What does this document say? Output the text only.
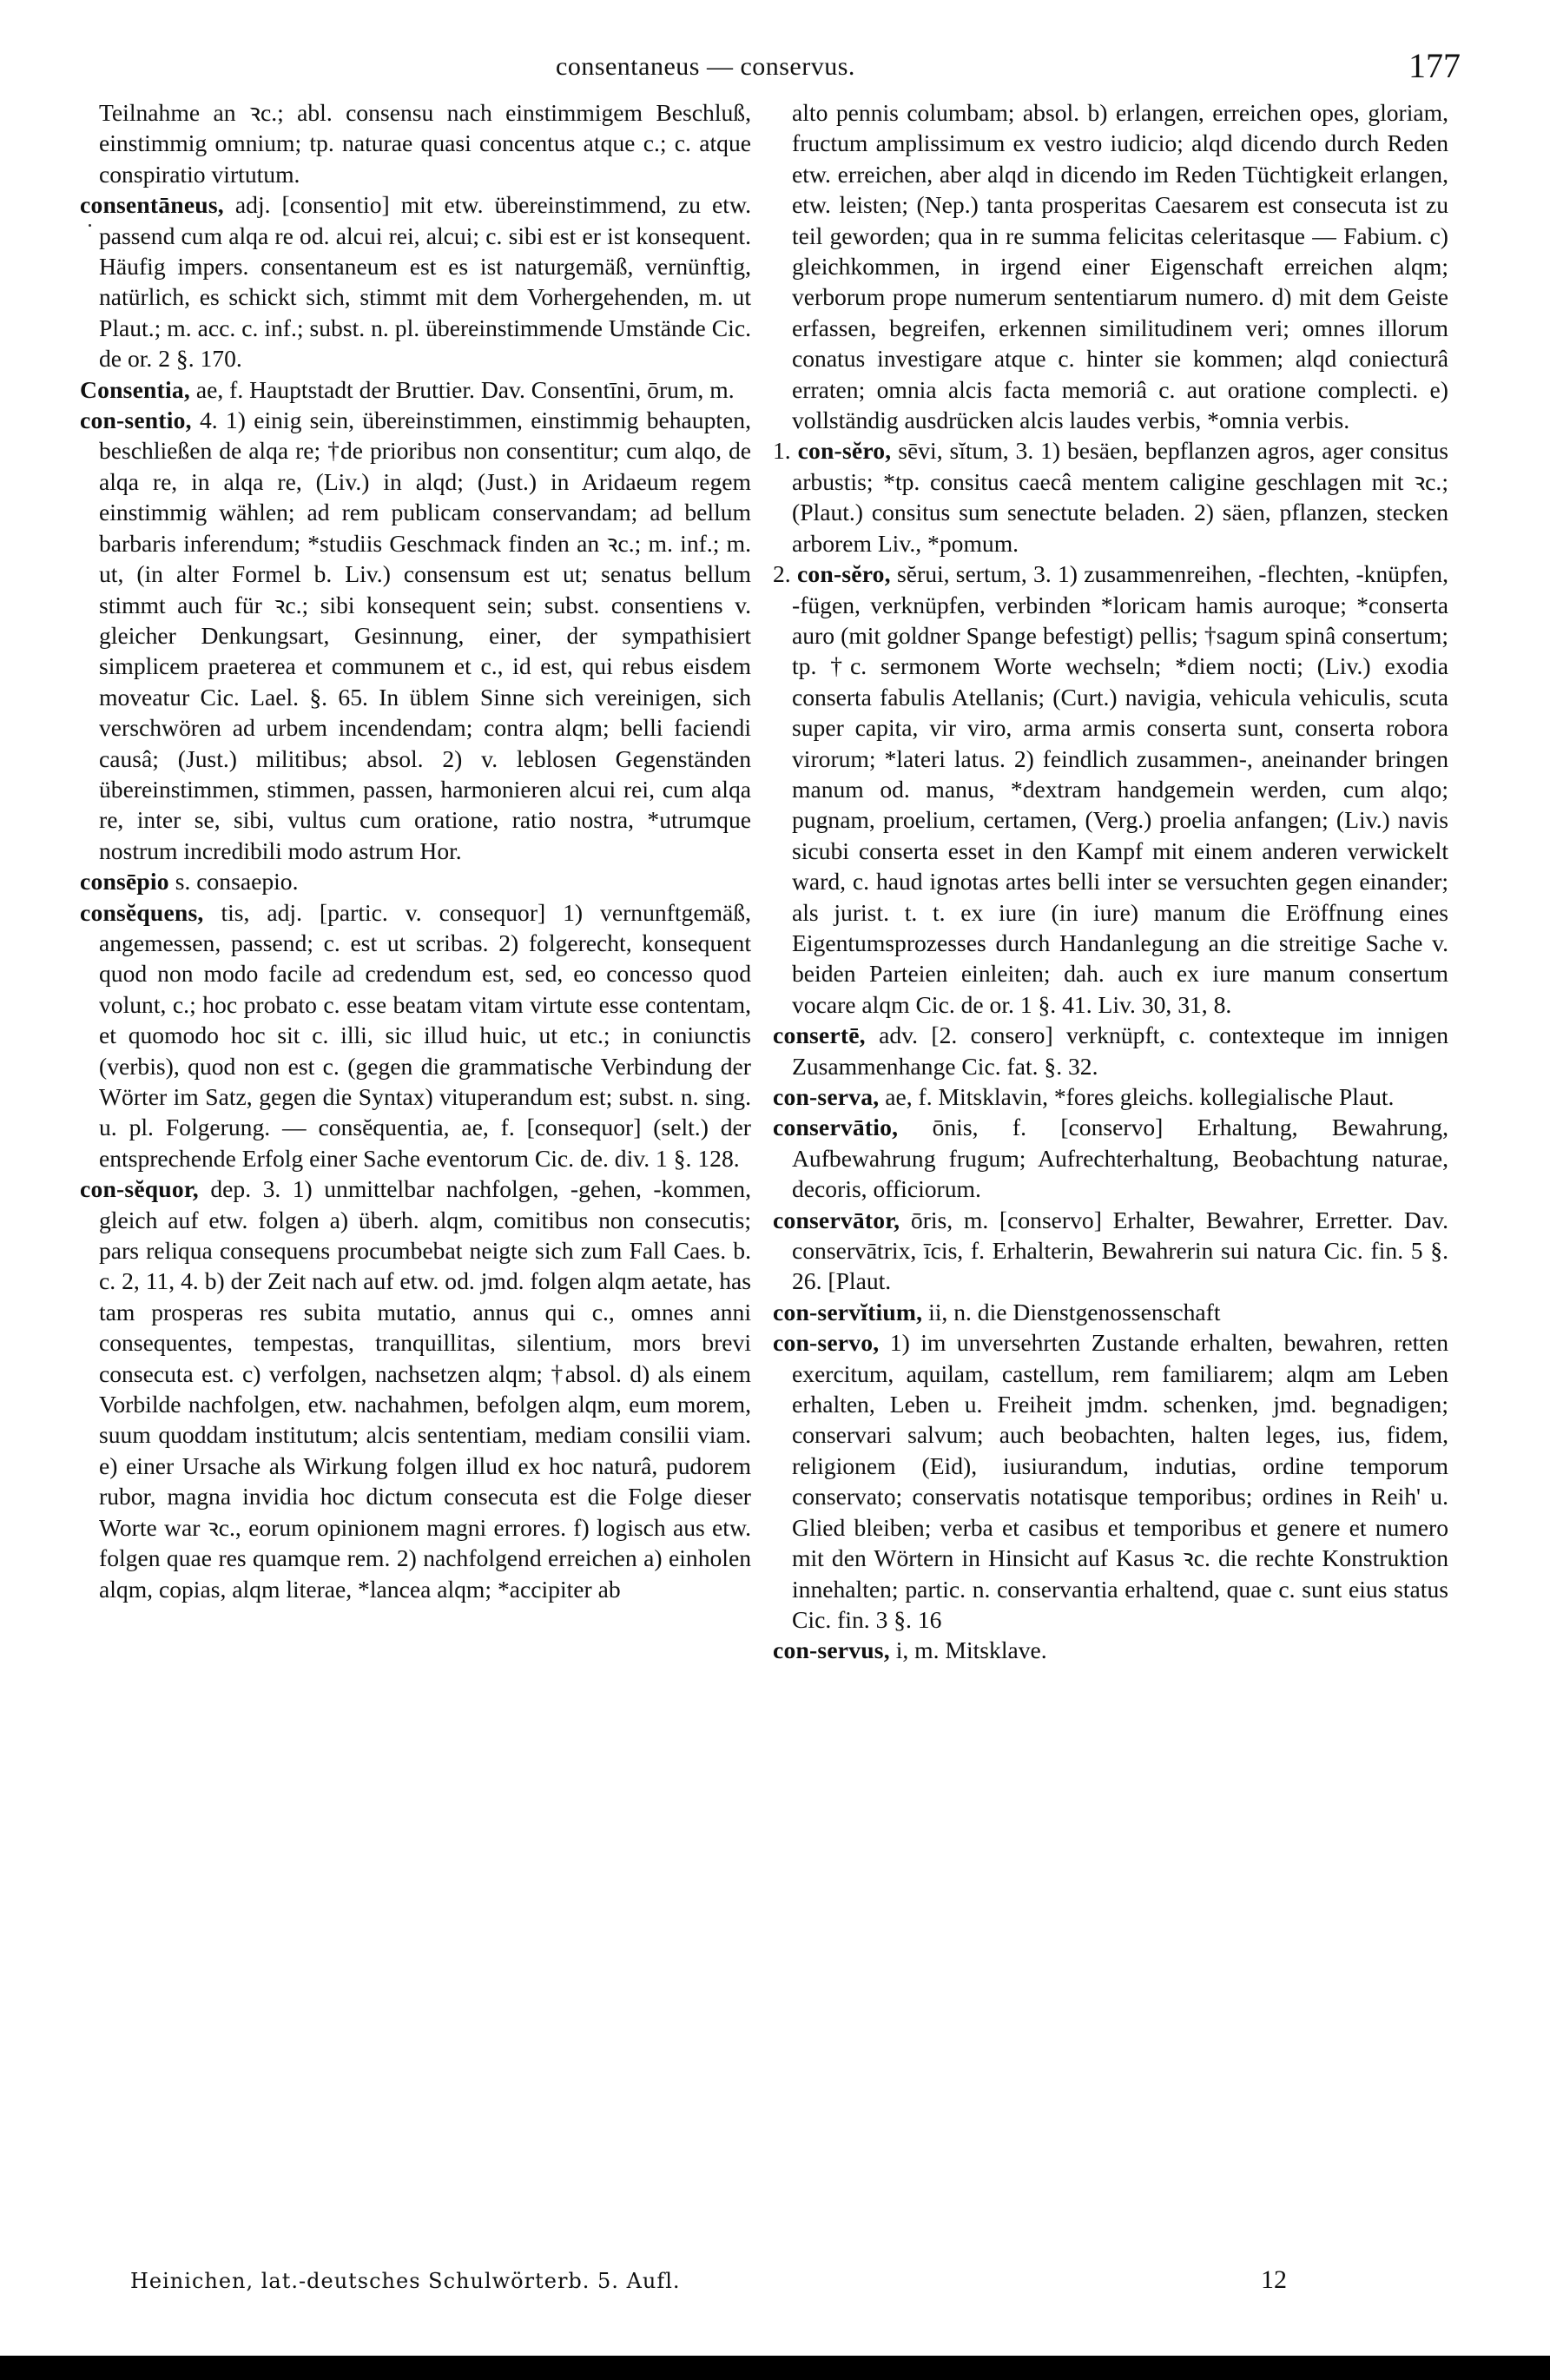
consentaneus — conservus.	177

Teilnahme an ꝛc.; abl. consensu nach einstimmigem Beschluß, einstimmig omnium; tp. naturae quasi concentus atque c.; c. atque conspiratio virtutum.

consentāneus, adj. [consentio] mit etw. übereinstimmend, zu etw. passend cum alqa re od. alcui rei, alcui; c. sibi est er ist konsequent. Häufig impers. consentaneum est es ist naturgemäß, vernünftig, natürlich, es schickt sich, stimmt mit dem Vorhergehenden, m. ut Plaut.; m. acc. c. inf.; subst. n. pl. übereinstimmende Umstände Cic. de or. 2 §. 170.

Consentia, ae, f. Hauptstadt der Bruttier. Dav. Consentīni, ōrum, m.

con-sentio, 4. 1) einig sein, übereinstimmen, einstimmig behaupten, beschließen de alqa re; †de prioribus non consentitur; cum alqo, de alqa re, in alqa re, (Liv.) in alqd; (Just.) in Aridaeum regem einstimmig wählen; ad rem publicam conservandam; ad bellum barbaris inferendum; *studiis Geschmack finden an ꝛc.; m. inf.; m. ut, (in alter Formel b. Liv.) consensum est ut; senatus bellum stimmt auch für ꝛc.; sibi konsequent sein; subst. consentiens v. gleicher Denkungsart, Gesinnung, einer, der sympathisiert simplicem praeterea et communem et c., id est, qui rebus eisdem moveatur Cic. Lael. §. 65. In üblem Sinne sich vereinigen, sich verschwören ad urbem incendendam; contra alqm; belli faciendi causâ; (Just.) militibus; absol. 2) v. leblosen Gegenständen übereinstimmen, stimmen, passen, harmonieren alcui rei, cum alqa re, inter se, sibi, vultus cum oratione, ratio nostra, *utrumque nostrum incredibili modo astrum Hor.

consēpio s. consaepio.

consĕquens, tis, adj. [partic. v. consequor] 1) vernunftgemäß, angemessen, passend; c. est ut scribas. 2) folgerecht, konsequent quod non modo facile ad credendum est, sed, eo concesso quod volunt, c.; hoc probato c. esse beatam vitam virtute esse contentam, et quomodo hoc sit c. illi, sic illud huic, ut etc.; in coniunctis (verbis), quod non est c. (gegen die grammatische Verbindung der Wörter im Satz, gegen die Syntax) vituperandum est; subst. n. sing. u. pl. Folgerung. — consĕquentia, ae, f. [consequor] (selt.) der entsprechende Erfolg einer Sache eventorum Cic. de. div. 1 §. 128.

con-sĕquor, dep. 3. 1) unmittelbar nachfolgen, -gehen, -kommen, gleich auf etw. folgen a) überh. alqm, comitibus non consecutis; pars reliqua consequens procumbebat neigte sich zum Fall Caes. b. c. 2, 11, 4. b) der Zeit nach auf etw. od. jmd. folgen alqm aetate, has tam prosperas res subita mutatio, annus qui c., omnes anni consequentes, tempestas, tranquillitas, silentium, mors brevi consecuta est. c) verfolgen, nachsetzen alqm; †absol. d) als einem Vorbilde nachfolgen, etw. nachahmen, befolgen alqm, eum morem, suum quoddam institutum; alcis sententiam, mediam consilii viam. e) einer Ursache als Wirkung folgen illud ex hoc naturâ, pudorem rubor, magna invidia hoc dictum consecuta est die Folge dieser Worte war ꝛc., eorum opinionem magni errores. f) logisch aus etw. folgen quae res quamque rem. 2) nachfolgend erreichen a) einholen alqm, copias, alqm literae, *lancea alqm; *accipiter ab

alto pennis columbam; absol. b) erlangen, erreichen opes, gloriam, fructum amplissimum ex vestro iudicio; alqd dicendo durch Reden etw. erreichen, aber alqd in dicendo im Reden Tüchtigkeit erlangen, etw. leisten; (Nep.) tanta prosperitas Caesarem est consecuta ist zu teil geworden; qua in re summa felicitas celeritasque — Fabium. c) gleichkommen, in irgend einer Eigenschaft erreichen alqm; verborum prope numerum sententiarum numero. d) mit dem Geiste erfassen, begreifen, erkennen similitudinem veri; omnes illorum conatus investigare atque c. hinter sie kommen; alqd coniecturâ erraten; omnia alcis facta memoriâ c. aut oratione complecti. e) vollständig ausdrücken alcis laudes verbis, *omnia verbis.

1. con-sĕro, sēvi, sĭtum, 3. 1) besäen, bepflanzen agros, ager consitus arbustis; *tp. consitus caecâ mentem caligine geschlagen mit ꝛc.; (Plaut.) consitus sum senectute beladen. 2) säen, pflanzen, stecken arborem Liv., *pomum.

2. con-sĕro, sĕrui, sertum, 3. 1) zusammenreihen, -flechten, -knüpfen, -fügen, verknüpfen, verbinden *loricam hamis auroque; *conserta auro (mit goldner Spange befestigt) pellis; †sagum spinâ consertum; tp. †c. sermonem Worte wechseln; *diem nocti; (Liv.) exodia conserta fabulis Atellanis; (Curt.) navigia, vehicula vehiculis, scuta super capita, vir viro, arma armis conserta sunt, conserta robora virorum; *lateri latus. 2) feindlich zusammen-, aneinander bringen manum od. manus, *dextram handgemein werden, cum alqo; pugnam, proelium, certamen, (Verg.) proelia anfangen; (Liv.) navis sicubi conserta esset in den Kampf mit einem anderen verwickelt ward, c. haud ignotas artes belli inter se versuchten gegen einander; als jurist. t. t. ex iure (in iure) manum die Eröffnung eines Eigentumsprozesses durch Handanlegung an die streitige Sache v. beiden Parteien einleiten; dah. auch ex iure manum consertum vocare alqm Cic. de or. 1 §. 41. Liv. 30, 31, 8.

consertē, adv. [2. consero] verknüpft, c. contexteque im innigen Zusammenhange Cic. fat. §. 32.

con-serva, ae, f. Mitsklavin, *fores gleichs. kollegialische Plaut.

conservātio, ōnis, f. [conservo] Erhaltung, Bewahrung, Aufbewahrung frugum; Aufrechterhaltung, Beobachtung naturae, decoris, officiorum.

conservātor, ōris, m. [conservo] Erhalter, Bewahrer, Erretter. Dav. conservātrix, īcis, f. Erhalterin, Bewahrerin sui natura Cic. fin. 5 §. 26. [Plaut.

con-servĭtium, ii, n. die Dienstgenossenschaft

con-servo, 1) im unversehrten Zustande erhalten, bewahren, retten exercitum, aquilam, castellum, rem familiarem; alqm am Leben erhalten, Leben u. Freiheit jmdm. schenken, jmd. begnadigen; conservari salvum; auch beobachten, halten leges, ius, fidem, religionem (Eid), iusiurandum, indutias, ordine temporum conservato; conservatis notatisque temporibus; ordines in Reih' u. Glied bleiben; verba et casibus et temporibus et genere et numero mit den Wörtern in Hinsicht auf Kasus ꝛc. die rechte Konstruktion innehalten; partic. n. conservantia erhaltend, quae c. sunt eius status Cic. fin. 3 §. 16

con-servus, i, m. Mitsklave.

Heinichen, lat.-deutsches Schulwörterb. 5. Aufl.	12
